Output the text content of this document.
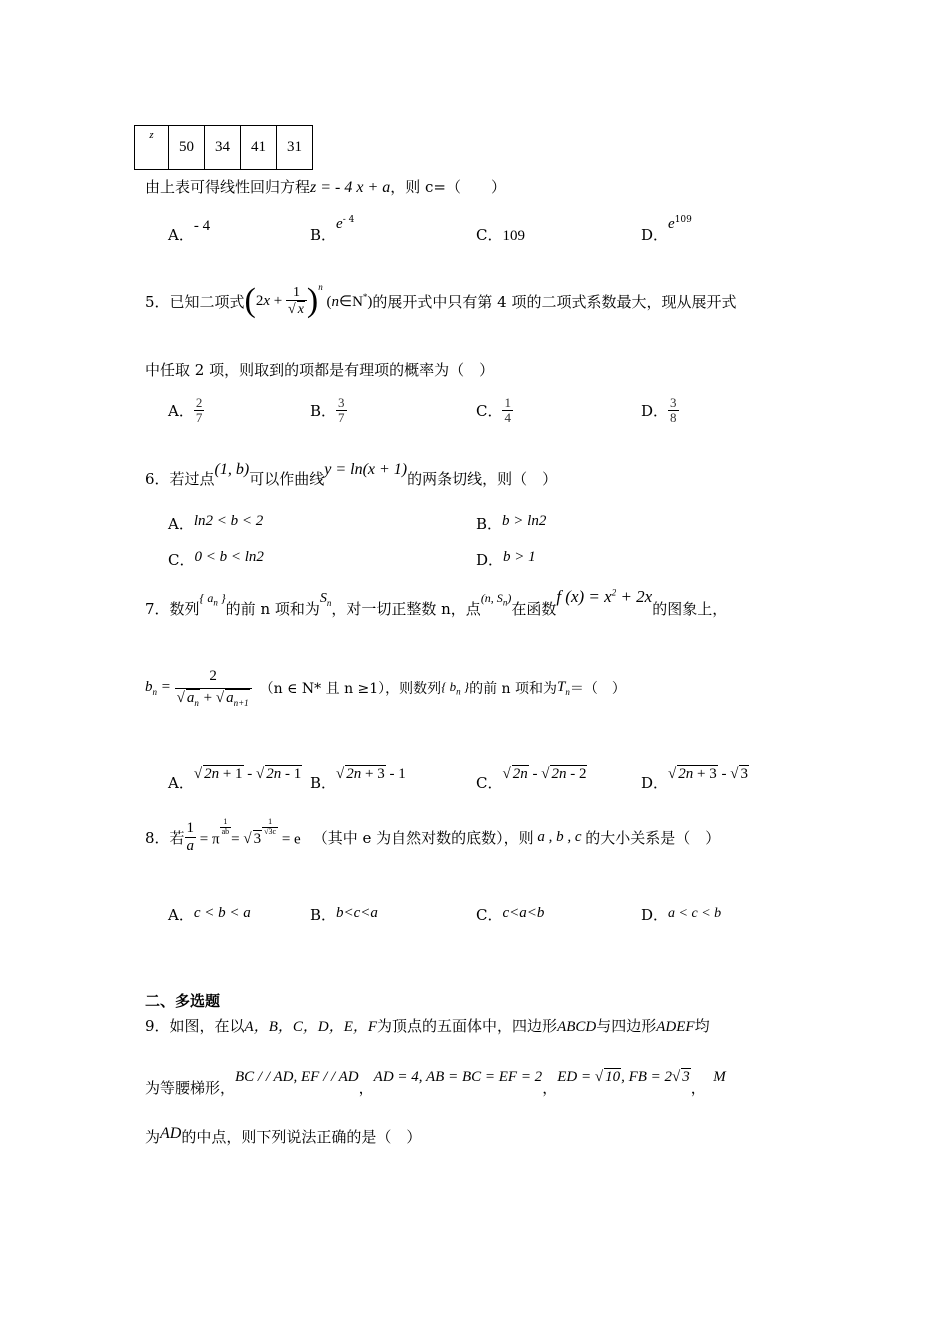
z	50	34	41	31
由上表可得线性回归方程z = - 4 x + a，则 c=（　　）
A．- 4	B．$e^{- 4}$
C．109	D．$e^{109}$
5．已知二项式 ( 2x + 1
√ x ) $^n$
(n∈N*) 的展开式中只有第 4 项的二项式系数最大，现从展开式
中任取 2 项，则取到的项都是有理项的概率为（　）
A． $\frac{2}{7}$	B． $\frac{3}{7}$	C． $\frac{1}{4}$	D． $\frac{3}{8}$
6．若过点(1, b)可以作曲线y = ln(x + 1)的两条切线，则（　）
A．ln2 < b < 2	B．b > ln2
C．0 < b < ln2	D．b > 1
7．数列{ $a_n$ }的前 n 项和为$S_n$，对一切正整数 n，点(n, $S_n$)在函数f $(x) = x^2 + 2x$的图象上，
$b_n = 2$
√ $a_n$ + √ $a_{n+1}$ （n ∈ N* 且 n ≥1），则数列 { $b_n$ } 的前 n 项和为 $T_n$ ＝（　）
A． √ 2n + 1 - √ 2n - 1 B． √ 2n + 3 - 1	C． √ 2n - √ 2n - 2	D． √ 2n + 3 - √ 3
8．若 $\frac{1}{a} = \pi$
$^{\frac{1}{ab}}$
= √ 3
$^{\frac{1}{√3c}}$
= e （其中 e 为自然对数的底数），则 a , b , c 的大小关系是（　）
A．c < b < a	B．b<c<a	C．c<a<b	D．a < c < b
二、多选题
9．如图，在以A，B，C，D，E，F为顶点的五面体中，四边形ABCD与四边形ADEF均
为等腰梯形，BC / / AD, EF / / AD，AD = 4, AB = BC = EF = 2，ED = √ 10, FB = 2 √ 3，  M
为AD的中点，则下列说法正确的是（　）
